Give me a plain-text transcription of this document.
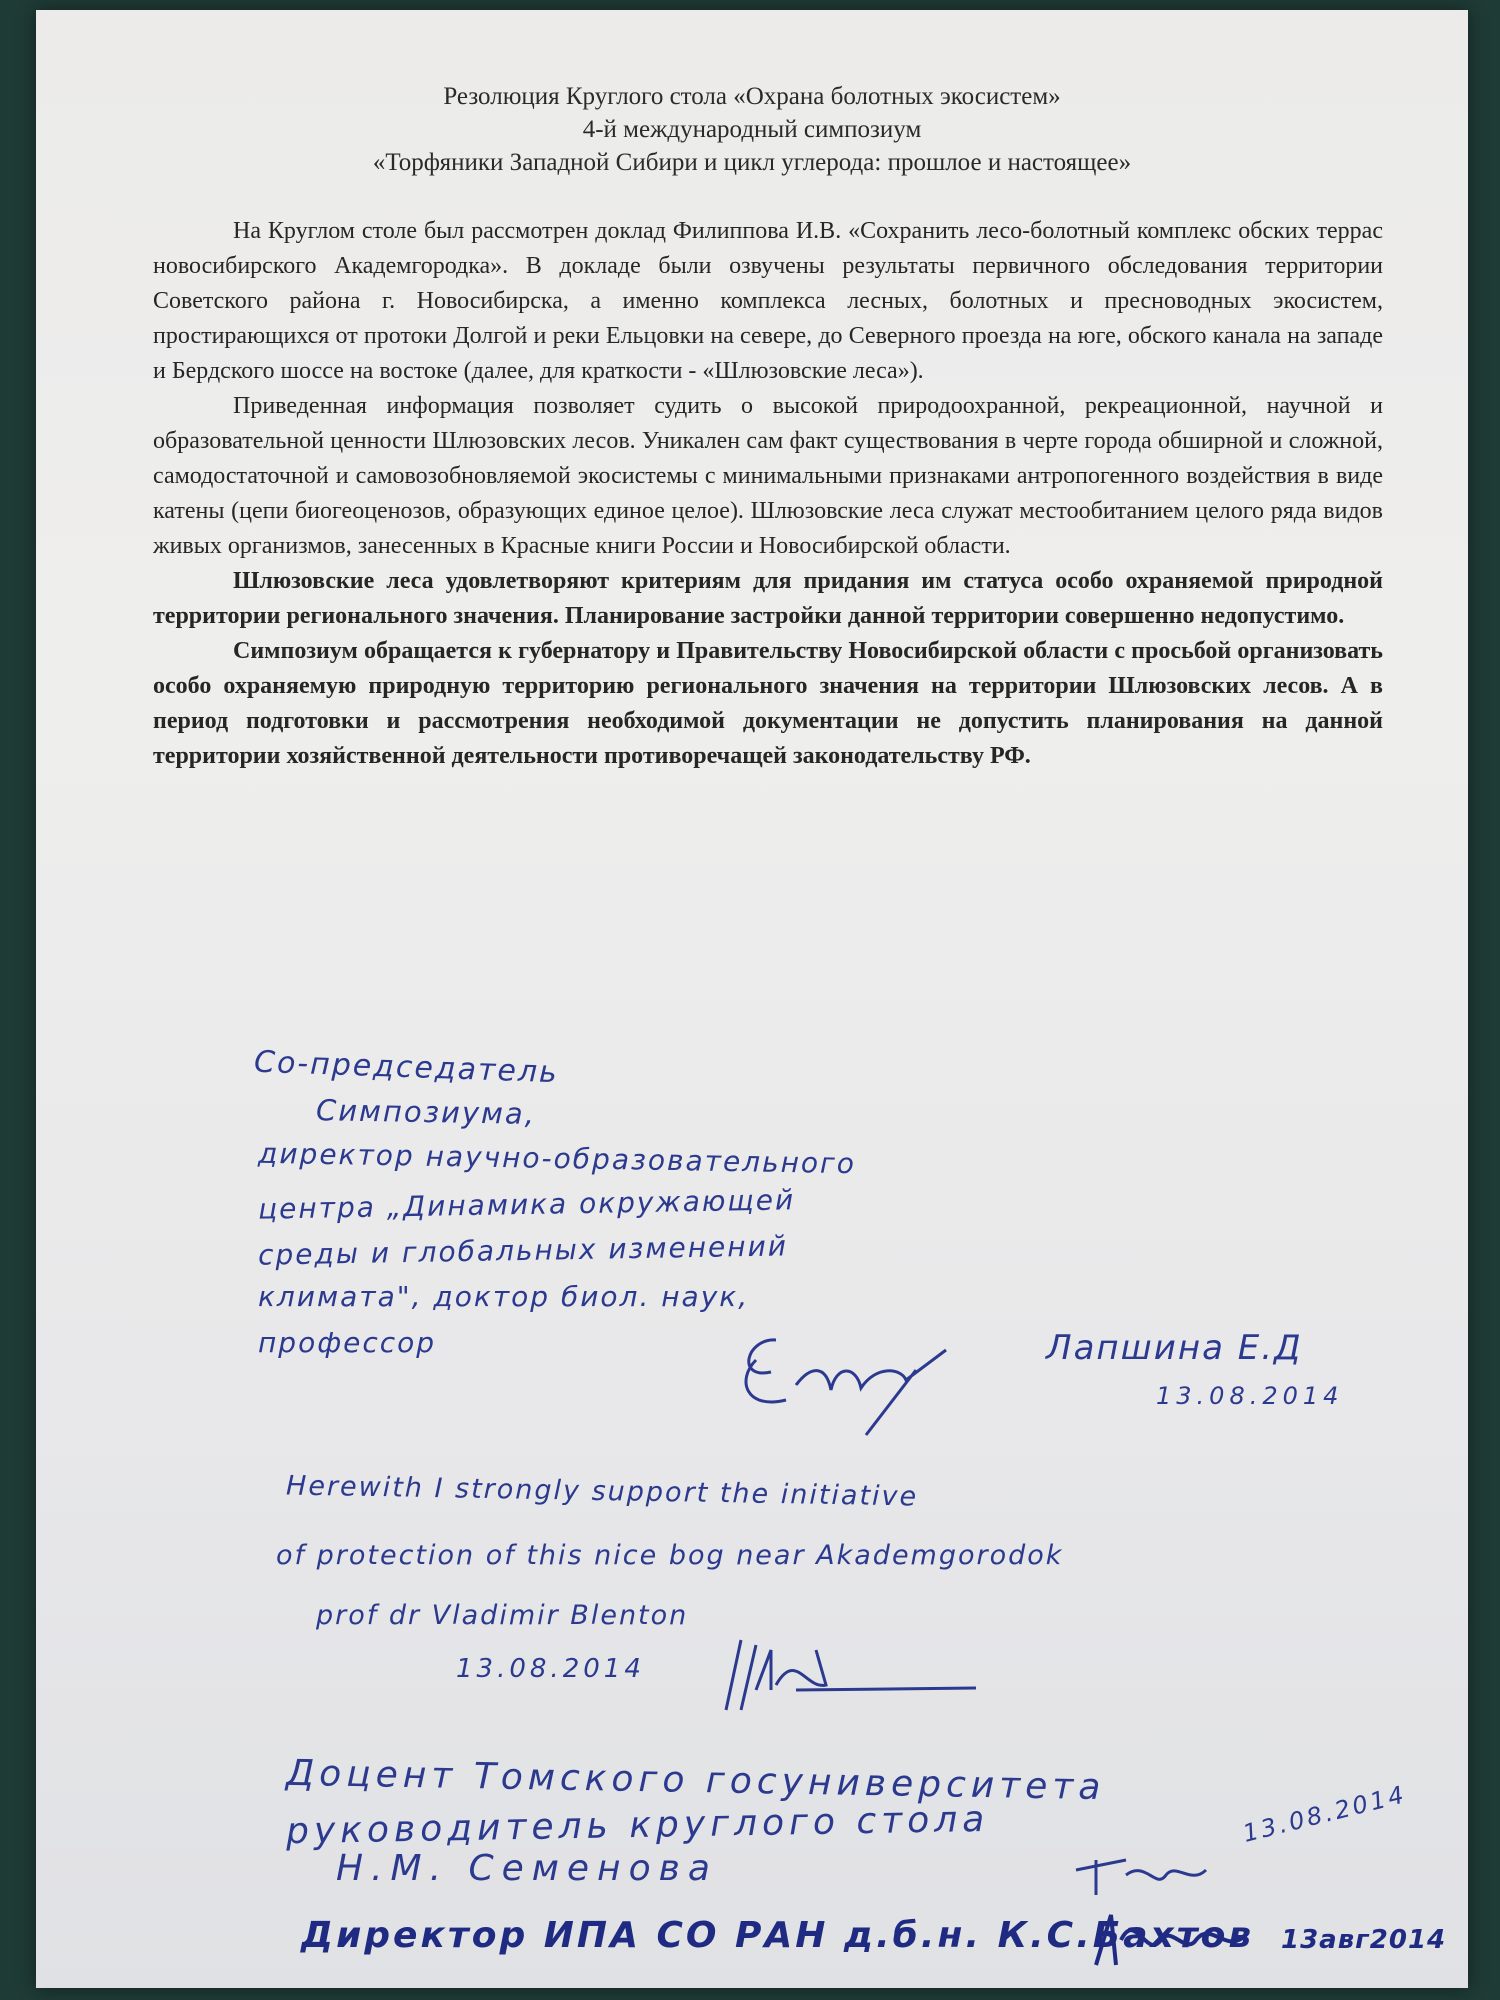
Резолюция Круглого стола «Охрана болотных экосистем»
4-й международный симпозиум
«Торфяники Западной Сибири и цикл углерода: прошлое и настоящее»

На Круглом столе был рассмотрен доклад Филиппова И.В. «Сохранить лесо-болотный комплекс обских террас новосибирского Академгородка». В докладе были озвучены результаты первичного обследования территории Советского района г. Новосибирска, а именно комплекса лесных, болотных и пресноводных экосистем, простирающихся от протоки Долгой и реки Ельцовки на севере, до Северного проезда на юге, обского канала на западе и Бердского шоссе на востоке (далее, для краткости - «Шлюзовские леса»).

Приведенная информация позволяет судить о высокой природоохранной, рекреационной, научной и образовательной ценности Шлюзовских лесов. Уникален сам факт существования в черте города обширной и сложной, самодостаточной и самовозобновляемой экосистемы с минимальными признаками антропогенного воздействия в виде катены (цепи биогеоценозов, образующих единое целое). Шлюзовские леса служат местообитанием целого ряда видов живых организмов, занесенных в Красные книги России и Новосибирской области.

Шлюзовские леса удовлетворяют критериям для придания им статуса особо охраняемой природной территории регионального значения. Планирование застройки данной территории совершенно недопустимо.

Симпозиум обращается к губернатору и Правительству Новосибирской области с просьбой организовать особо охраняемую природную территорию регионального значения на территории Шлюзовских лесов. А в период подготовки и рассмотрения необходимой документации не допустить планирования на данной территории хозяйственной деятельности противоречащей законодательству РФ.

Со-председатель
Симпозиума,
директор научно-образовательного
центра „Динамика окружающей
среды и глобальных изменений
климата", доктор биол. наук,
профессор	Лапшина Е.Д
13.08.2014
Herewith I strongly support the initiative
of protection of this nice bog near Akademgorodok
prof dr Vladimir Blenton
13.08.2014
Доцент Томского госуниверситета
руководитель круглого стола
Н.М. Семенова
13.08.2014
Директор ИПА СО РАН д.б.н. К.С.Бахтов 13авг2014
